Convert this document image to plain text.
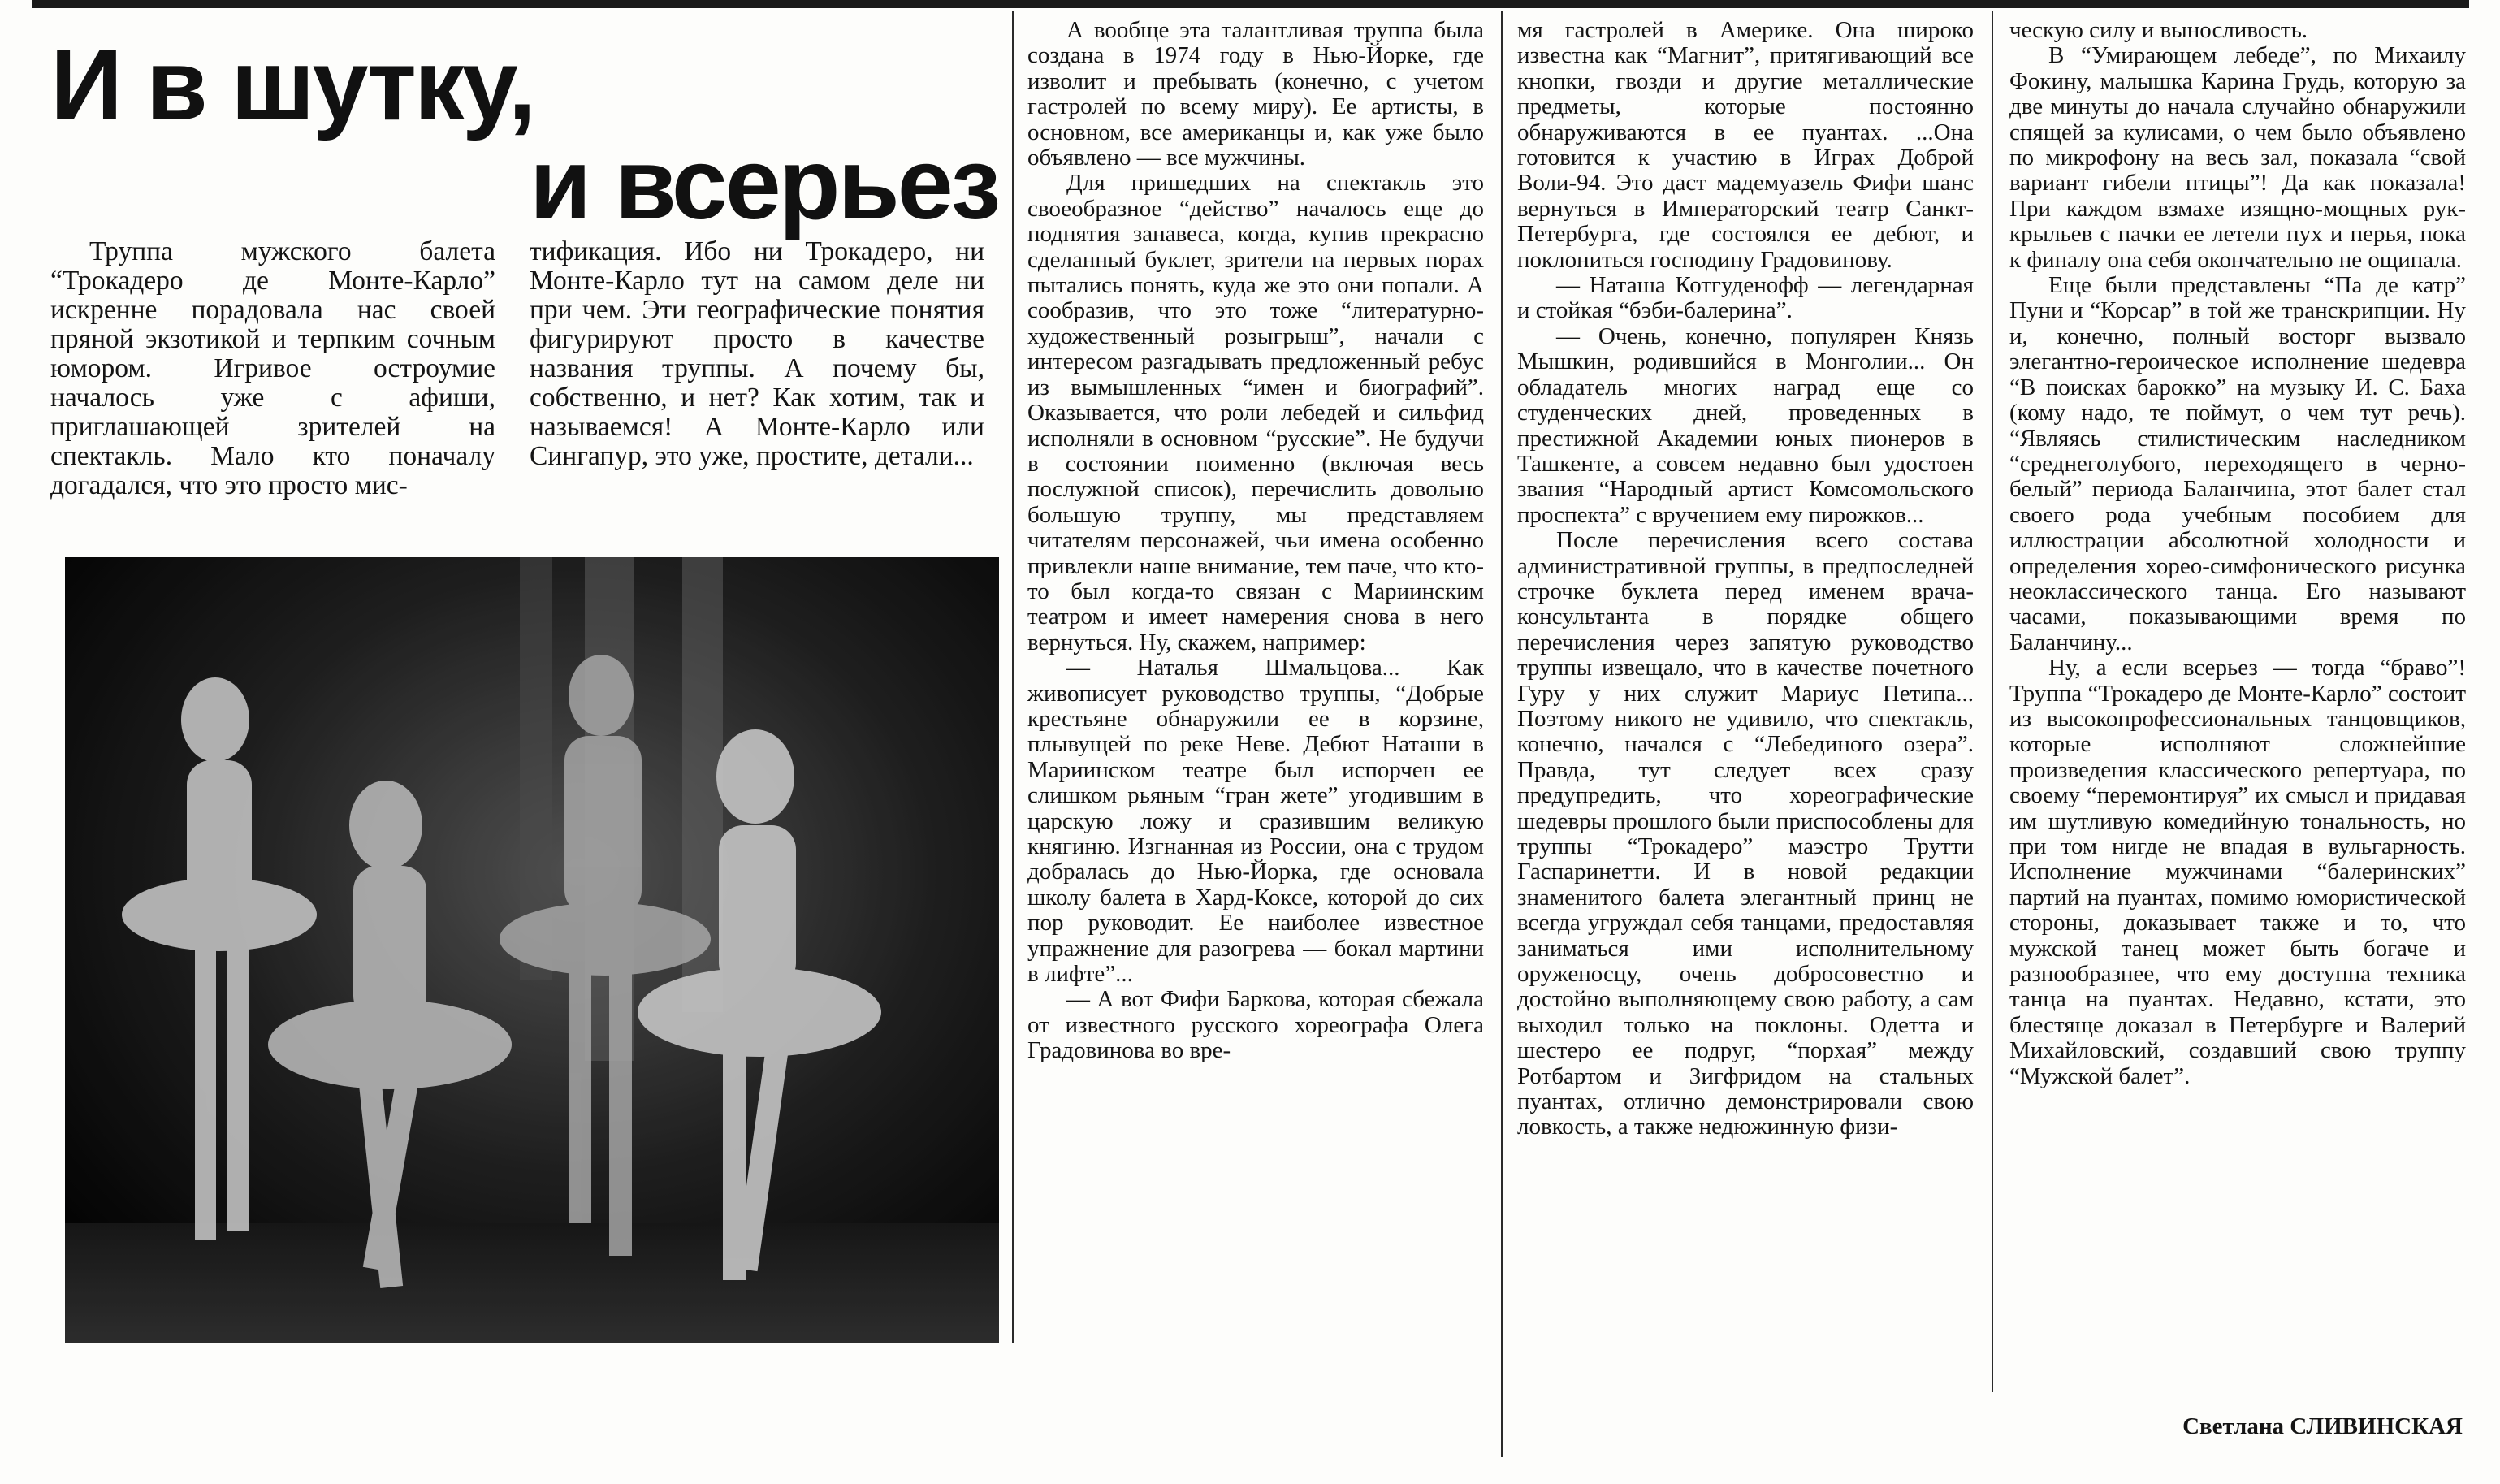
И в шутку,
и всерьез

Труппа мужского балета “Трокадеро де Монте-Карло” искренне порадовала нас своей пряной экзотикой и терпким сочным юмором. Игривое остроумие началось уже с афиши, приглашающей зрителей на спектакль. Мало кто поначалу догадался, что это просто мис-

тификация. Ибо ни Трокадеро, ни Монте-Карло тут на самом деле ни при чем. Эти географические понятия фигурируют просто в качестве названия труппы. А почему бы, собственно, и нет? Как хотим, так и называемся! А Монте-Карло или Сингапур, это уже, простите, детали...

А вообще эта талантливая труппа была создана в 1974 году в Нью-Йорке, где изволит и пребывать (конечно, с учетом гастролей по всему миру). Ее артисты, в основном, все американцы и, как уже было объявлено — все мужчины.

Для пришедших на спектакль это своеобразное “действо” началось еще до поднятия занавеса, когда, купив прекрасно сделанный буклет, зрители на первых порах пытались понять, куда же это они попали. А сообразив, что это тоже “литературно-художественный розыгрыш”, начали с интересом разгадывать предложенный ребус из вымышленных “имен и биографий”. Оказывается, что роли лебедей и сильфид исполняли в основном “русские”. Не будучи в состоянии поименно (включая весь послужной список), перечислить довольно большую труппу, мы представляем читателям персонажей, чьи имена особенно привлекли наше внимание, тем паче, что кто-то был когда-то связан с Мариинским театром и имеет намерения снова в него вернуться. Ну, скажем, например:

— Наталья Шмальцова... Как живописует руководство труппы, “Добрые крестьяне обнаружили ее в корзине, плывущей по реке Неве. Дебют Наташи в Мариинском театре был испорчен ее слишком рьяным “гран жете” угодившим в царскую ложу и сразившим великую княгиню. Изгнанная из России, она с трудом добралась до Нью-Йорка, где основала школу балета в Хард-Коксе, которой до сих пор руководит. Ее наиболее известное упражнение для разогрева — бокал мартини в лифте”...

— А вот Фифи Баркова, которая сбежала от известного русского хореографа Олега Градовинова во вре-

мя гастролей в Америке. Она широко известна как “Магнит”, притягивающий все кнопки, гвозди и другие металлические предметы, которые постоянно обнаруживаются в ее пуантах. ...Она готовится к участию в Играх Доброй Воли-94. Это даст мадемуазель Фифи шанс вернуться в Императорский театр Санкт-Петербурга, где состоялся ее дебют, и поклониться господину Градовинову.

— Наташа Котгуденофф — легендарная и стойкая “бэби-балерина”.

— Очень, конечно, популярен Князь Мышкин, родившийся в Монголии... Он обладатель многих наград еще со студенческих дней, проведенных в престижной Академии юных пионеров в Ташкенте, а совсем недавно был удостоен звания “Народный артист Комсомольского проспекта” с вручением ему пирожков...

После перечисления всего состава административной группы, в предпоследней строчке буклета перед именем врача-консультанта в порядке общего перечисления через запятую руководство труппы извещало, что в качестве почетного Гуру у них служит Мариус Петипа... Поэтому никого не удивило, что спектакль, конечно, начался с “Лебединого озера”. Правда, тут следует всех сразу предупредить, что хореографические шедевры прошлого были приспособлены для труппы “Трокадеро” маэстро Трутти Гаспаринетти. И в новой редакции знаменитого балета элегантный принц не всегда угруждал себя танцами, предоставляя заниматься ими исполнительному оруженосцу, очень добросовестно и достойно выполняющему свою работу, а сам выходил только на поклоны. Одетта и шестеро ее подруг, “порхая” между Ротбартом и Зигфридом на стальных пуантах, отлично демонстрировали свою ловкость, а также недюжинную физи-

ческую силу и выносливость.

В “Умирающем лебеде”, по Михаилу Фокину, малышка Карина Грудь, которую за две минуты до начала случайно обнаружили спящей за кулисами, о чем было объявлено по микрофону на весь зал, показала “свой вариант гибели птицы”! Да как показала! При каждом взмахе изящно-мощных рук-крыльев с пачки ее летели пух и перья, пока к финалу она себя окончательно не ощипала.

Еще были представлены “Па де катр” Пуни и “Корсар” в той же транскрипции. Ну и, конечно, полный восторг вызвало элегантно-героическое исполнение шедевра “В поисках барокко” на музыку И. С. Баха (кому надо, те поймут, о чем тут речь). “Являясь стилистическим наследником “среднеголубого, переходящего в черно-белый” периода Баланчина, этот балет стал своего рода учебным пособием для иллюстрации абсолютной холодности и определения хорео-симфонического рисунка неоклассического танца. Его называют часами, показывающими время по Баланчину...

Ну, а если всерьез — тогда “браво”! Труппа “Трокадеро де Монте-Карло” состоит из высокопрофессиональных танцовщиков, которые исполняют сложнейшие произведения классического репертуара, по своему “перемонтируя” их смысл и придавая им шутливую комедийную тональность, но при том нигде не впадая в вульгарность. Исполнение мужчинами “балеринских” партий на пуантах, помимо юмористической стороны, доказывает также и то, что мужской танец может быть богаче и разнообразнее, что ему доступна техника танца на пуантах. Недавно, кстати, это блестяще доказал в Петербурге и Валерий Михайловский, создавший свою труппу “Мужской балет”.

Светлана СЛИВИНСКАЯ
